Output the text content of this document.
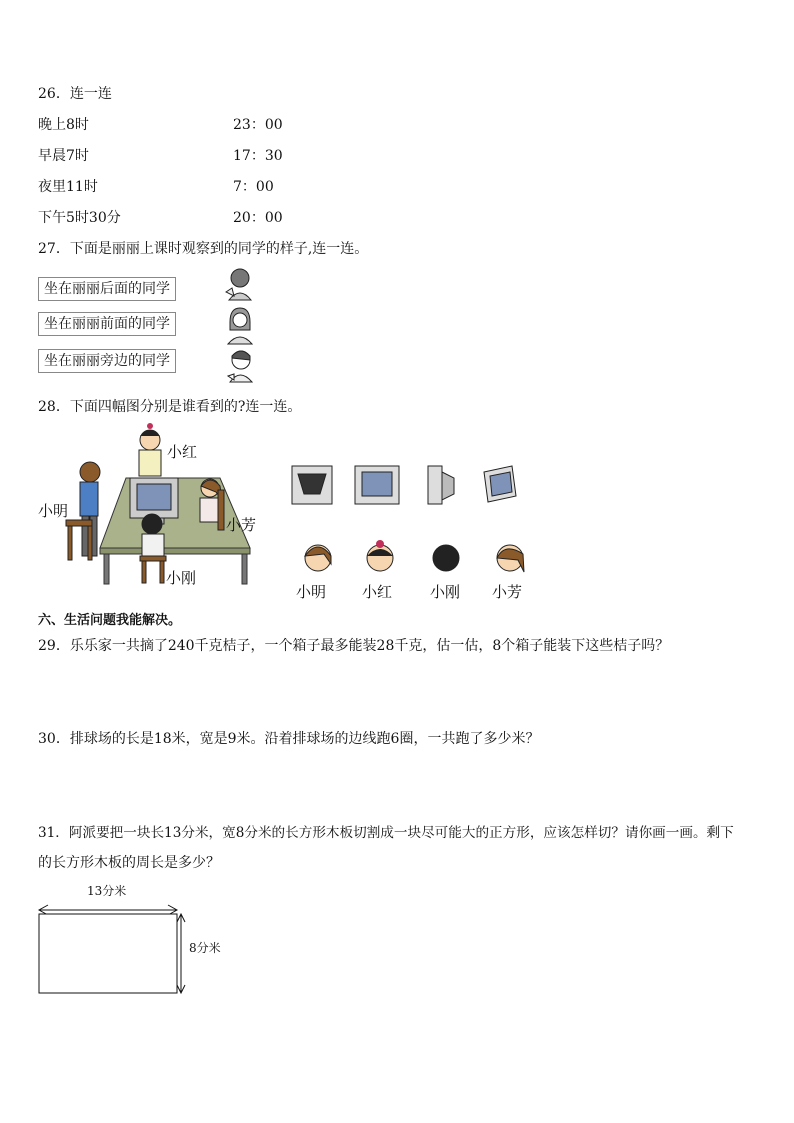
26．连一连
晚上8时
早晨7时
夜里11时
下午5时30分
23：00
17：30
7：00
20：00
27．下面是丽丽上课时观察到的同学的样子,连一连。
坐在丽丽后面的同学
坐在丽丽前面的同学
坐在丽丽旁边的同学
28．下面四幅图分别是谁看到的?连一连。
小红
小明
小芳
小刚
小明 小红	小刚 小芳
六、生活问题我能解决。
29．乐乐家一共摘了240千克桔子，一个箱子最多能装28千克，估一估，8个箱子能装下这些桔子吗？
30．排球场的长是18米，宽是9米。沿着排球场的边线跑6圈，一共跑了多少米？
31．阿派要把一块长13分米，宽8分米的长方形木板切割成一块尽可能大的正方形，应该怎样切？请你画一画。剩下
的长方形木板的周长是多少？
13分米
8分米
